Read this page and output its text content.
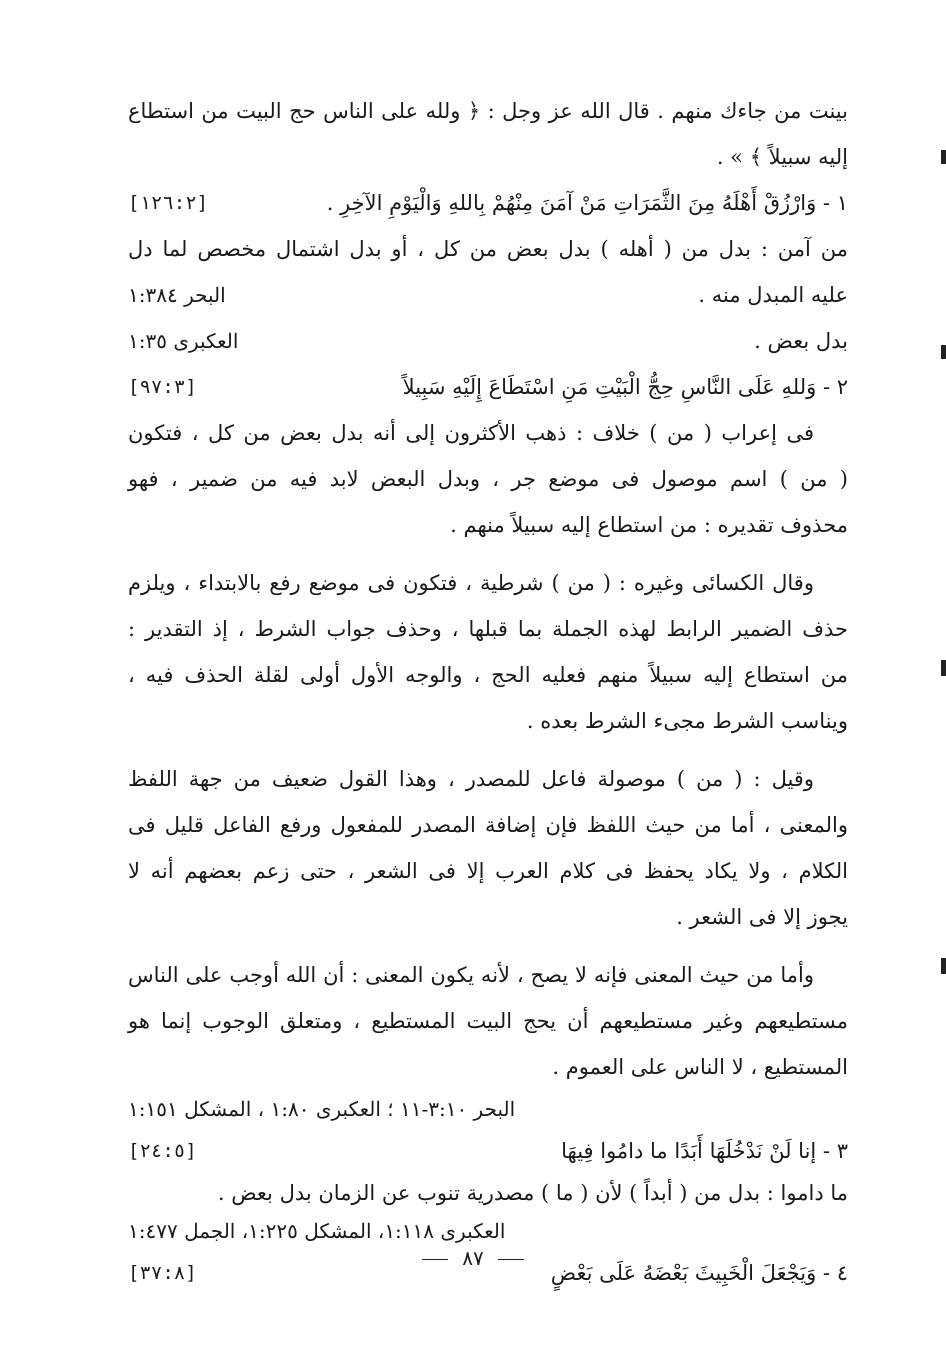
بينت من جاءك منهم . قال الله عز وجل : ﴿ ولله على الناس حج البيت من استطاع
إليه سبيلاً ﴾ » .
١ - وَارْزُقْ أَهْلَهُ مِنَ الثَّمَرَاتِ مَنْ آمَنَ مِنْهُمْ بِاللهِ وَالْيَوْمِ الآخِرِ .
[١٢٦:٢]
من آمن : بدل من ( أهله ) بدل بعض من كل ، أو بدل اشتمال مخصص لما دل
عليه المبدل منه .
البحر ١:٣٨٤
بدل بعض .
العكبرى ١:٣٥
٢ - وَللهِ عَلَى النَّاسِ حِجُّ الْبَيْتِ مَنِ اسْتَطَاعَ إِلَيْهِ سَبِيلاً
[٩٧:٣]
فى إعراب ( من ) خلاف : ذهب الأكثرون إلى أنه بدل بعض من كل ، فتكون
( من ) اسم موصول فى موضع جر ، وبدل البعض لابد فيه من ضمير ، فهو
محذوف تقديره : من استطاع إليه سبيلاً منهم .
وقال الكسائى وغيره : ( من ) شرطية ، فتكون فى موضع رفع بالابتداء ، ويلزم
حذف الضمير الرابط لهذه الجملة بما قبلها ، وحذف جواب الشرط ، إذ التقدير :
من استطاع إليه سبيلاً منهم فعليه الحج ، والوجه الأول أولى لقلة الحذف فيه ،
ويناسب الشرط مجىء الشرط بعده .
وقيل : ( من ) موصولة فاعل للمصدر ، وهذا القول ضعيف من جهة اللفظ
والمعنى ، أما من حيث اللفظ فإن إضافة المصدر للمفعول ورفع الفاعل قليل فى
الكلام ، ولا يكاد يحفظ فى كلام العرب إلا فى الشعر ، حتى زعم بعضهم أنه لا
يجوز إلا فى الشعر .
وأما من حيث المعنى فإنه لا يصح ، لأنه يكون المعنى : أن الله أوجب على الناس
مستطيعهم وغير مستطيعهم أن يحج البيت المستطيع ، ومتعلق الوجوب إنما هو
المستطيع ، لا الناس على العموم .
البحر ٣:١٠-١١ ؛ العكبرى ١:٨٠ ، المشكل ١:١٥١
٣ - إنا لَنْ نَدْخُلَهَا أَبَدًا ما دامُوا فِيهَا
[٢٤:٥]
ما داموا : بدل من ( أبداً ) لأن ( ما ) مصدرية تنوب عن الزمان بدل بعض .
العكبرى ١:١١٨، المشكل ١:٢٢٥، الجمل ١:٤٧٧
٤ - وَيَجْعَلَ الْخَبِيثَ بَعْضَهُ عَلَى بَعْضٍ
[٣٧:٨]
٨٧
